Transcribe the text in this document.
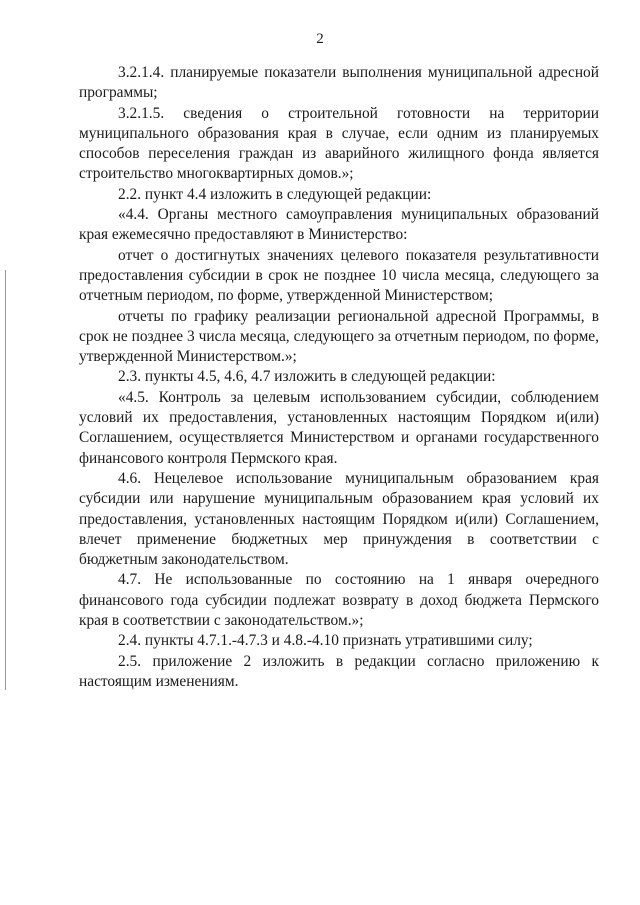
2

3.2.1.4. планируемые показатели выполнения муниципальной адресной программы;

3.2.1.5. сведения о строительной готовности на территории муниципального образования края в случае, если одним из планируемых способов переселения граждан из аварийного жилищного фонда является строительство многоквартирных домов.»;

2.2. пункт 4.4 изложить в следующей редакции:

«4.4. Органы местного самоуправления муниципальных образований края ежемесячно предоставляют в Министерство:

отчет о достигнутых значениях целевого показателя результативности предоставления субсидии в срок не позднее 10 числа месяца, следующего за отчетным периодом, по форме, утвержденной Министерством;

отчеты по графику реализации региональной адресной Программы, в срок не позднее 3 числа месяца, следующего за отчетным периодом, по форме, утвержденной Министерством.»;

2.3. пункты 4.5, 4.6, 4.7 изложить в следующей редакции:

«4.5. Контроль за целевым использованием субсидии, соблюдением условий их предоставления, установленных настоящим Порядком и(или) Соглашением, осуществляется Министерством и органами государственного финансового контроля Пермского края.

4.6. Нецелевое использование муниципальным образованием края субсидии или нарушение муниципальным образованием края условий их предоставления, установленных настоящим Порядком и(или) Соглашением, влечет применение бюджетных мер принуждения в соответствии с бюджетным законодательством.

4.7. Не использованные по состоянию на 1 января очередного финансового года субсидии подлежат возврату в доход бюджета Пермского края в соответствии с законодательством.»;

2.4. пункты 4.7.1.-4.7.3 и 4.8.-4.10 признать утратившими силу;

2.5. приложение 2 изложить в редакции согласно приложению к настоящим изменениям.
